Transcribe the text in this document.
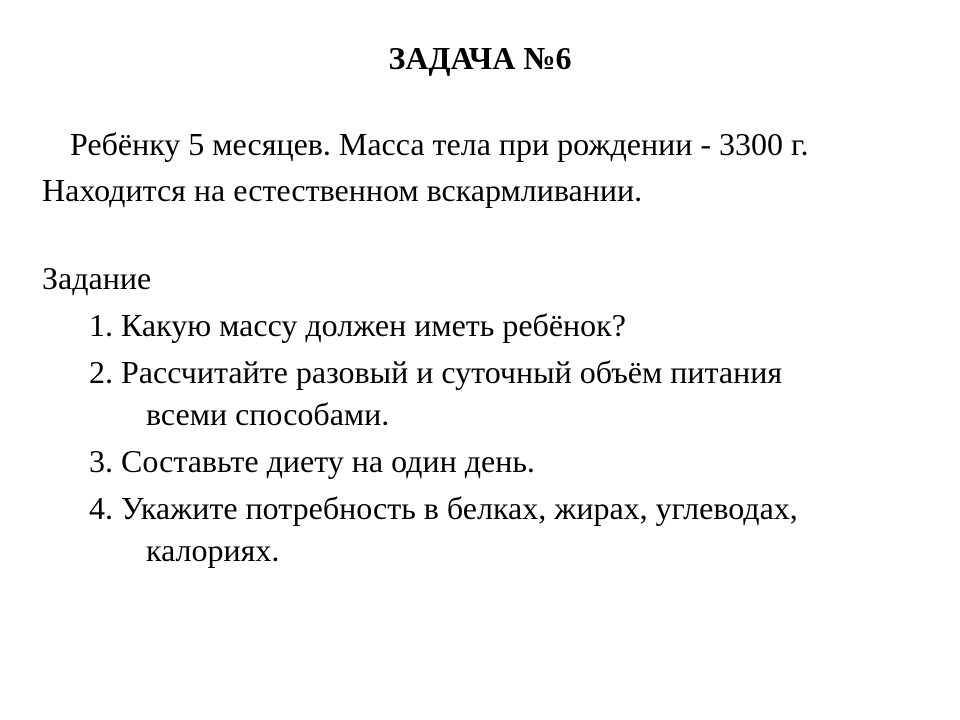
ЗАДАЧА №6

Ребёнку 5 месяцев. Масса тела при рождении - 3300 г.

Находится на естественном вскармливании.

Задание

1. Какую массу должен иметь ребёнок?

2. Рассчитайте разовый и суточный объём питания

всеми способами.

3. Составьте диету на один день.

4. Укажите потребность в белках, жирах, углеводах,

калориях.
